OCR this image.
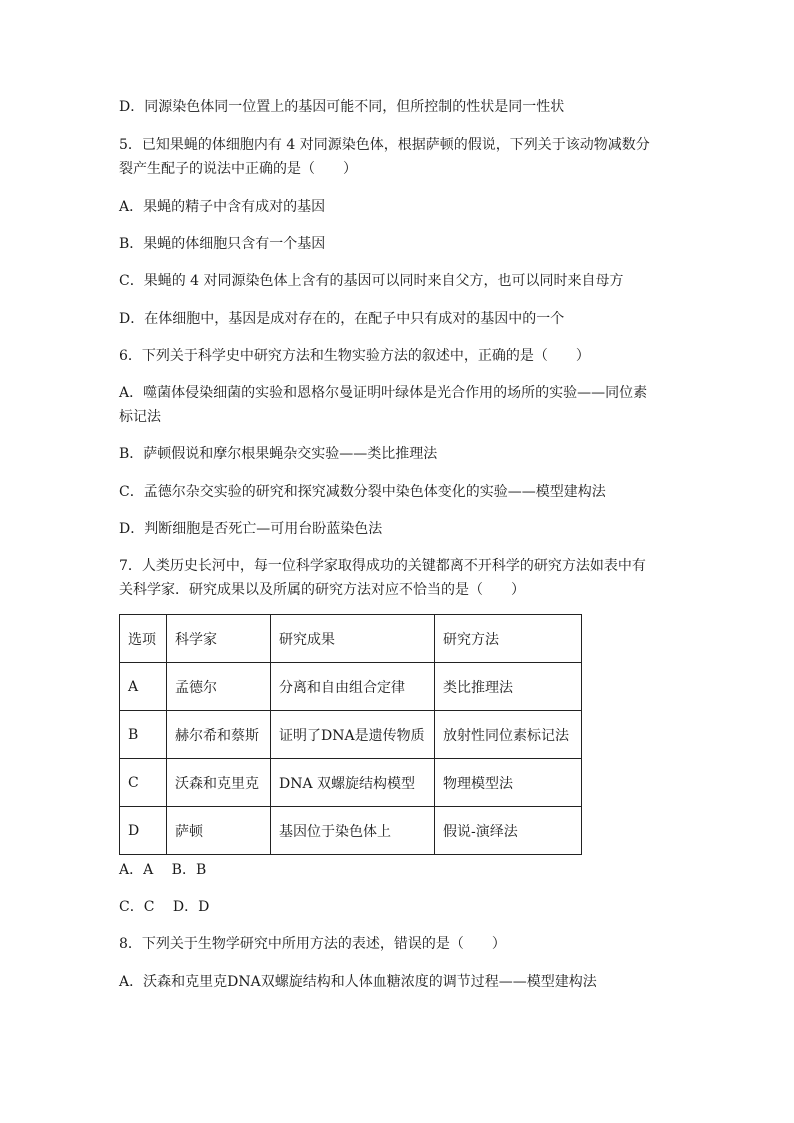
D．同源染色体同一位置上的基因可能不同，但所控制的性状是同一性状
5．已知果蝇的体细胞内有 4 对同源染色体，根据萨顿的假说，下列关于该动物减数分
裂产生配子的说法中正确的是（　　）
A．果蝇的精子中含有成对的基因
B．果蝇的体细胞只含有一个基因
C．果蝇的 4 对同源染色体上含有的基因可以同时来自父方，也可以同时来自母方
D．在体细胞中，基因是成对存在的，在配子中只有成对的基因中的一个
6．下列关于科学史中研究方法和生物实验方法的叙述中，正确的是（　　）
A．噬菌体侵染细菌的实验和恩格尔曼证明叶绿体是光合作用的场所的实验——同位素
标记法
B．萨顿假说和摩尔根果蝇杂交实验——类比推理法
C．孟德尔杂交实验的研究和探究减数分裂中染色体变化的实验——模型建构法
D．判断细胞是否死亡—可用台盼蓝染色法
7．人类历史长河中，每一位科学家取得成功的关键都离不开科学的研究方法如表中有
关科学家．研究成果以及所属的研究方法对应不恰当的是（　　）
选项	科学家	研究成果	研究方法
A	孟德尔	分离和自由组合定律	类比推理法
B	赫尔希和蔡斯	证明了DNA是遗传物质	放射性同位素标记法
C	沃森和克里克	DNA 双螺旋结构模型	物理模型法
D	萨顿	基因位于染色体上	假说-演绎法
A．A　 B．B
C．C　 D．D
8．下列关于生物学研究中所用方法的表述，错误的是（　　）
A．沃森和克里克DNA双螺旋结构和人体血糖浓度的调节过程——模型建构法
